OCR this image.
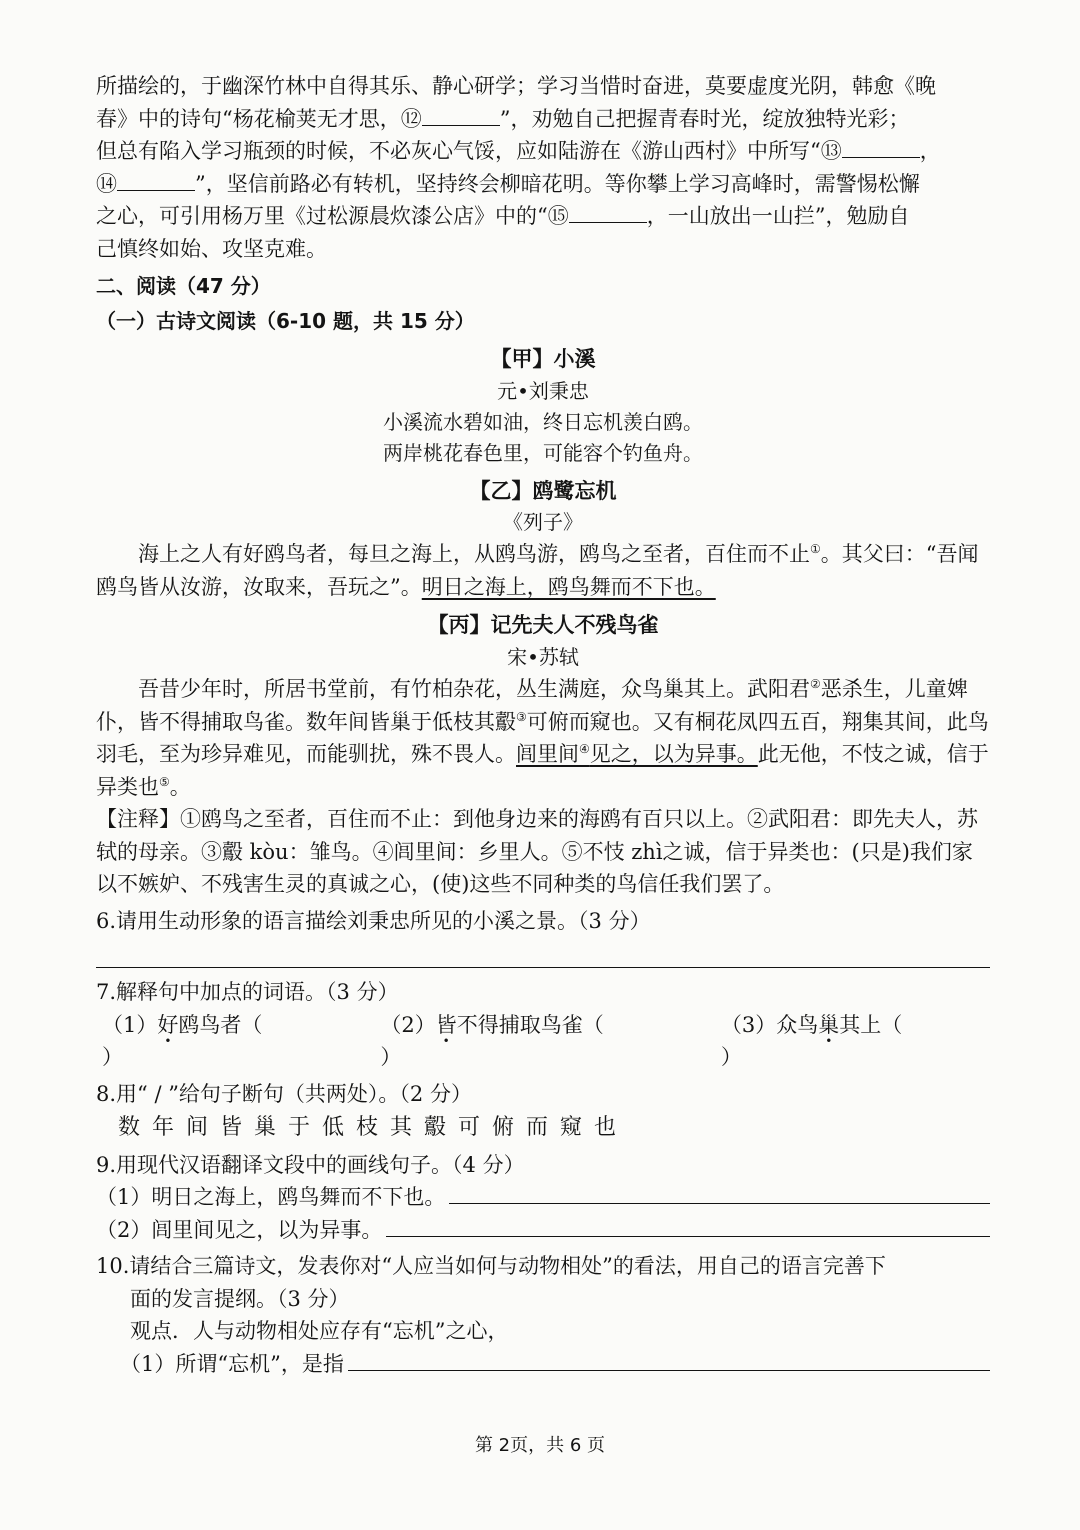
所描绘的，于幽深竹林中自得其乐、静心研学；学习当惜时奋进，莫要虚度光阴，韩愈《晚

春》中的诗句“杨花榆荚无才思，⑫	”，劝勉自己把握青春时光，绽放独特光彩；

但总有陷入学习瓶颈的时候，不必灰心气馁，应如陆游在《游山西村》中所写“⑬	，

⑭	”，坚信前路必有转机，坚持终会柳暗花明。等你攀上学习高峰时，需警惕松懈

之心，可引用杨万里《过松源晨炊漆公店》中的“⑮	，一山放出一山拦”，勉励自

己慎终如始、攻坚克难。

二、阅读（47 分）

（一）古诗文阅读（6-10 题，共 15 分）

【甲】小溪

元•刘秉忠

小溪流水碧如油，终日忘机羡白鸥。

两岸桃花春色里，可能容个钓鱼舟。

【乙】鸥鹭忘机

《列子》

海上之人有好鸥鸟者，每旦之海上，从鸥鸟游，鸥鸟之至者，百住而不止①。其父曰：“吾闻鸥鸟皆从汝游，汝取来，吾玩之”。明日之海上，鸥鸟舞而不下也。

【丙】记先夫人不残鸟雀

宋•苏轼

吾昔少年时，所居书堂前，有竹柏杂花，丛生满庭，众鸟巢其上。武阳君②恶杀生，儿童婢仆，皆不得捕取鸟雀。数年间皆巢于低枝其鷇③可俯而窥也。又有桐花凤四五百，翔集其间，此鸟羽毛，至为珍异难见，而能驯扰，殊不畏人。闾里间④见之，以为异事。此无他，不忮之诚，信于异类也⑤。

【注释】①鸥鸟之至者，百住而不止：到他身边来的海鸥有百只以上。②武阳君：即先夫人，苏轼的母亲。③鷇 kòu：雏鸟。④闾里间：乡里人。⑤不忮 zhì之诚，信于异类也：(只是)我们家以不嫉妒、不残害生灵的真诚之心，(使)这些不同种类的鸟信任我们罢了。

6.请用生动形象的语言描绘刘秉忠所见的小溪之景。（3 分）

7.解释句中加点的词语。（3 分）

（1）好鸥鸟者（）
（2）皆不得捕取鸟雀（）
（3）众鸟巢其上（）

8.用“ / ”给句子断句（共两处）。（2 分）

数年间皆巢于低枝其鷇可俯而窥也

9.用现代汉语翻译文段中的画线句子。（4 分）

（1）明日之海上，鸥鸟舞而不下也。
（2）闾里间见之，以为异事。

10.请结合三篇诗文，发表你对“人应当如何与动物相处”的看法，用自己的语言完善下

面的发言提纲。（3 分）

观点．人与动物相处应存有“忘机”之心，

（1）所谓“忘机”，是指
第 2页，共 6 页
